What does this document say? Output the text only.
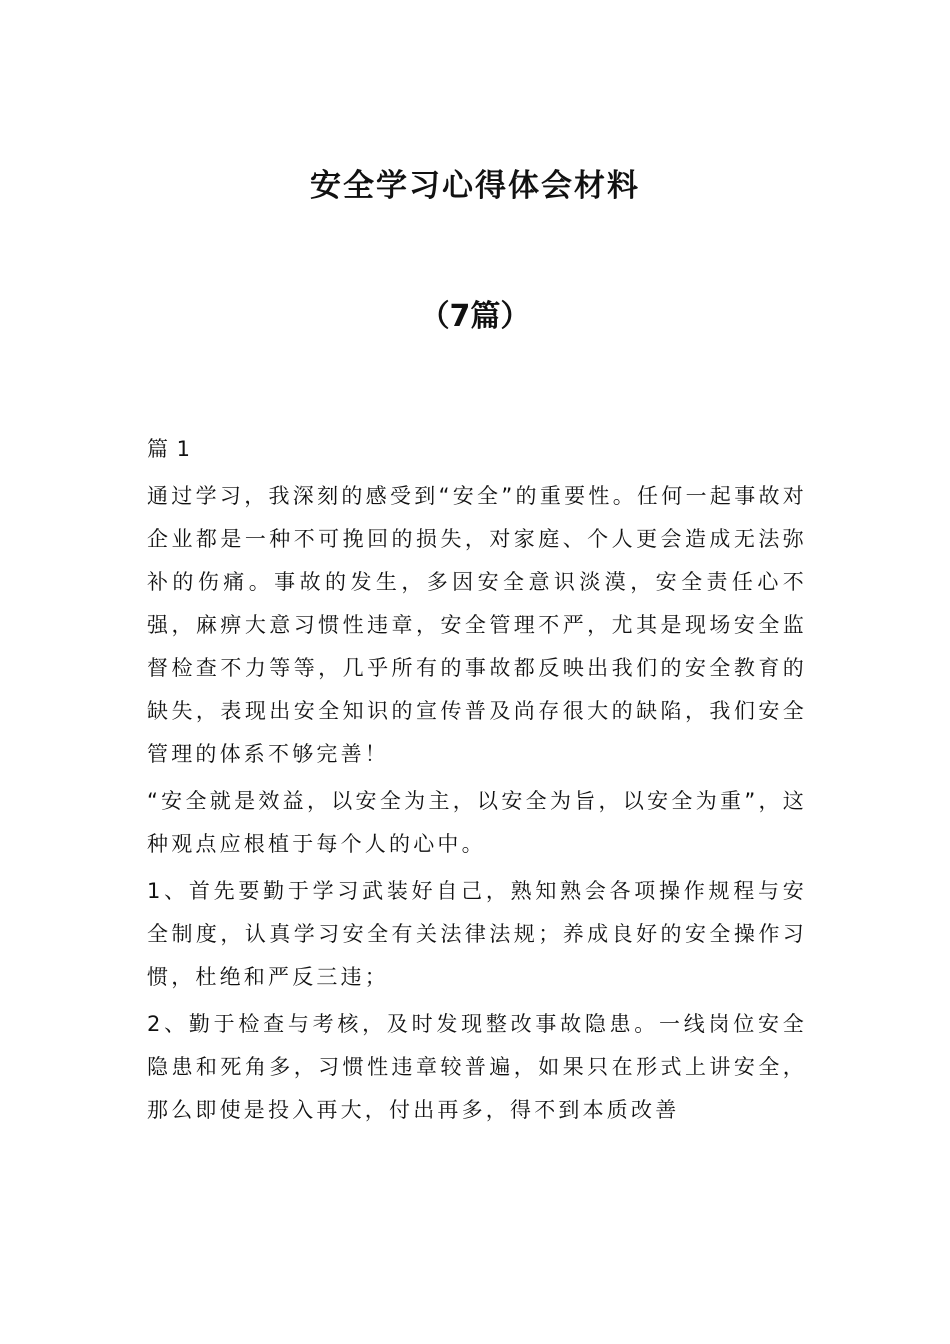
安全学习心得体会材料
（7篇）
篇 1
通过学习，我深刻的感受到“安全”的重要性。任何一起事故对企业都是一种不可挽回的损失，对家庭、个人更会造成无法弥补的伤痛。事故的发生，多因安全意识淡漠，安全责任心不强，麻痹大意习惯性违章，安全管理不严，尤其是现场安全监督检查不力等等，几乎所有的事故都反映出我们的安全教育的缺失，表现出安全知识的宣传普及尚存很大的缺陷，我们安全管理的体系不够完善！
“安全就是效益，以安全为主，以安全为旨，以安全为重”，这种观点应根植于每个人的心中。
1、首先要勤于学习武装好自己，熟知熟会各项操作规程与安全制度，认真学习安全有关法律法规；养成良好的安全操作习惯，杜绝和严反三违；
2、勤于检查与考核，及时发现整改事故隐患。一线岗位安全隐患和死角多，习惯性违章较普遍，如果只在形式上讲安全，那么即使是投入再大，付出再多，得不到本质改善
